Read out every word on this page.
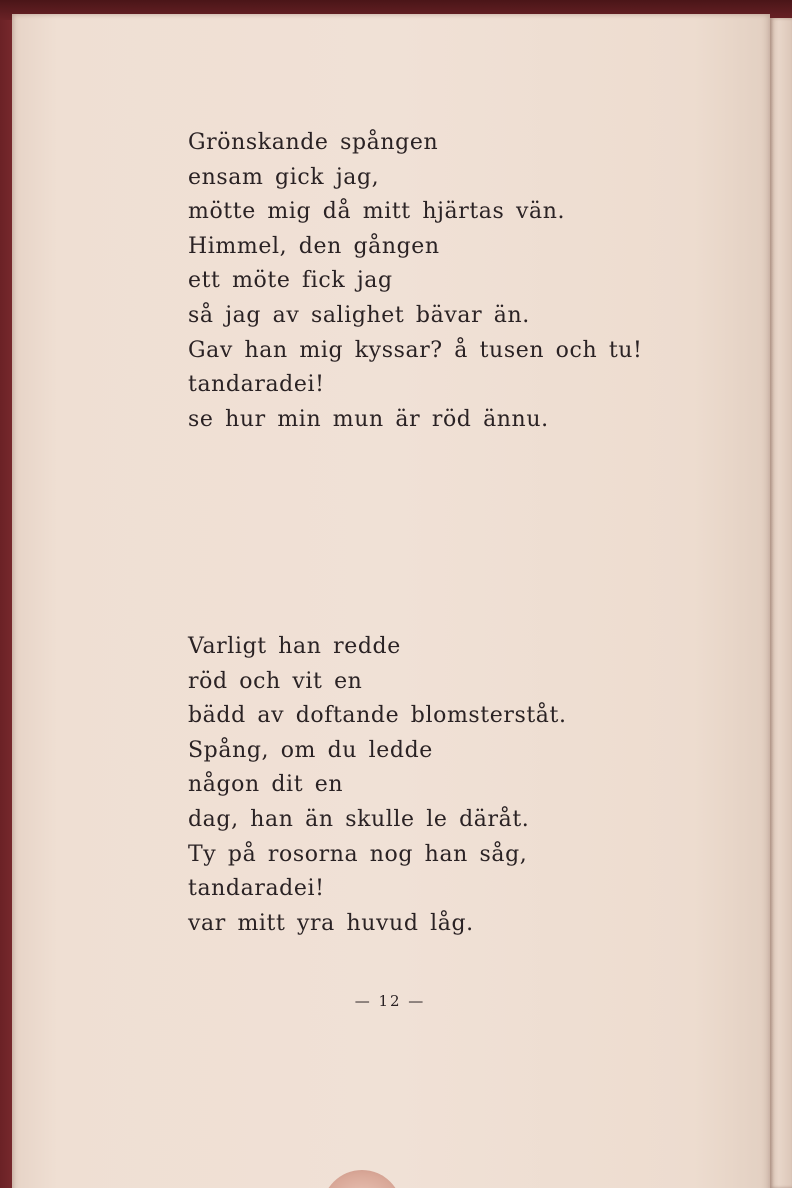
Grönskande spången
ensam gick jag,
mötte mig då mitt hjärtas vän.
Himmel, den gången
ett möte fick jag
så jag av salighet bävar än.
Gav han mig kyssar? å tusen och tu!
tandaradei!
se hur min mun är röd ännu.
Varligt han redde
röd och vit en
bädd av doftande blomsterståt.
Spång, om du ledde
någon dit en
dag, han än skulle le däråt.
Ty på rosorna nog han såg,
tandaradei!
var mitt yra huvud låg.
— 12 —
